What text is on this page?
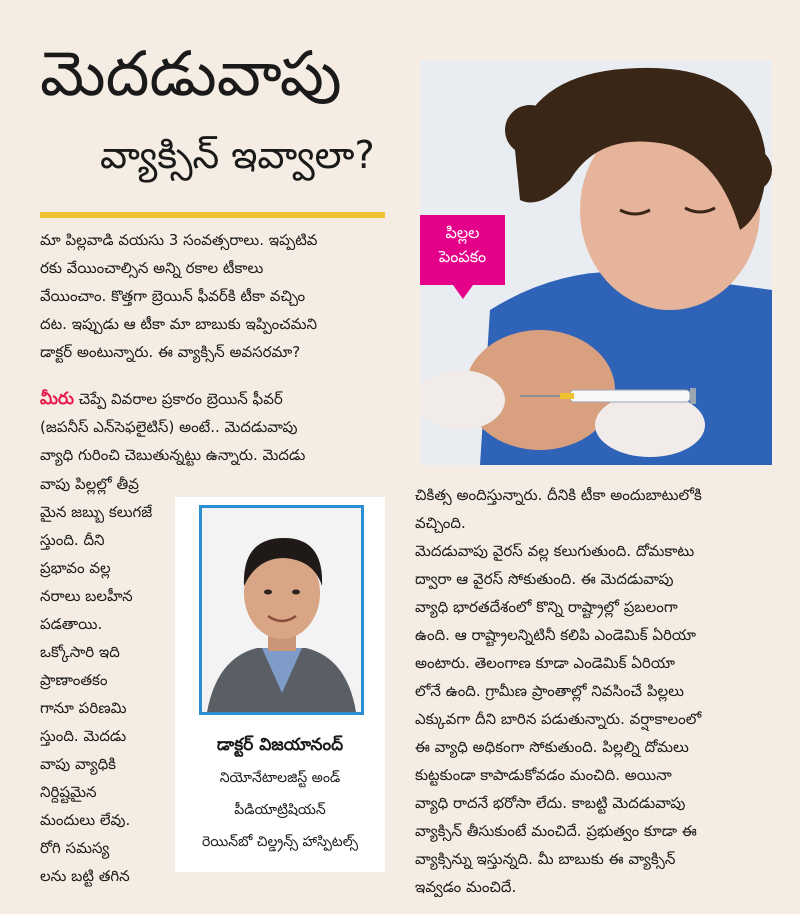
మెదడువాపు
వ్యాక్సిన్ ఇవ్వాలా?
మా పిల్లవాడి వయసు 3 సంవత్సరాలు. ఇప్పటివ
రకు వేయించాల్సిన అన్ని రకాల టీకాలు
వేయించాం. కొత్తగా బ్రెయిన్ ఫీవర్‌కి టీకా వచ్చిం
దట. ఇప్పుడు ఆ టీకా మా బాబుకు ఇప్పించమని
డాక్టర్ అంటున్నారు. ఈ వ్యాక్సిన్ అవసరమా?
మీరు చెప్పే వివరాల ప్రకారం బ్రెయిన్ ఫీవర్
(జపనీస్ ఎన్‌సెఫలైటిస్) అంటే.. మెదడువాపు
వ్యాధి గురించి చెబుతున్నట్టు ఉన్నారు. మెదడు
వాపు పిల్లల్లో తీవ్ర
మైన జబ్బు కలుగజే
స్తుంది. దీని
ప్రభావం వల్ల
నరాలు బలహీన
పడతాయి.
ఒక్కోసారి ఇది
ప్రాణాంతకం
గానూ పరిణమి
స్తుంది. మెదడు
వాపు వ్యాధికి
నిర్దిష్టమైన
మందులు లేవు.
రోగి సమస్య
లను బట్టి తగిన
పిల్లల
పెంపకం
చికిత్స అందిస్తున్నారు. దీనికి టీకా అందుబాటులోకి
వచ్చింది.
మెదడువాపు వైరస్ వల్ల కలుగుతుంది. దోమకాటు
ద్వారా ఆ వైరస్ సోకుతుంది. ఈ మెదడువాపు
వ్యాధి భారతదేశంలో కొన్ని రాష్ట్రాల్లో ప్రబలంగా
ఉంది. ఆ రాష్ట్రాలన్నిటినీ కలిపి ఎండెమిక్ ఏరియా
అంటారు. తెలంగాణ కూడా ఎండెమిక్ ఏరియా
లోనే ఉంది. గ్రామీణ ప్రాంతాల్లో నివసించే పిల్లలు
ఎక్కువగా దీని బారిన పడుతున్నారు. వర్షాకాలంలో
ఈ వ్యాధి అధికంగా సోకుతుంది. పిల్లల్ని దోమలు
కుట్టకుండా కాపాడుకోవడం మంచిది. అయినా
వ్యాధి రాదనే భరోసా లేదు. కాబట్టి మెదడువాపు
వ్యాక్సిన్ తీసుకుంటే మంచిదే. ప్రభుత్వం కూడా ఈ
వ్యాక్సిన్ను ఇస్తున్నది. మీ బాబుకు ఈ వ్యాక్సిన్
ఇవ్వడం మంచిదే.
డాక్టర్ విజయానంద్
నియోనేటాలజిస్ట్ అండ్
పీడియాట్రిషియన్
రెయిన్‌బో చిల్డ్రన్స్ హాస్పిటల్స్
